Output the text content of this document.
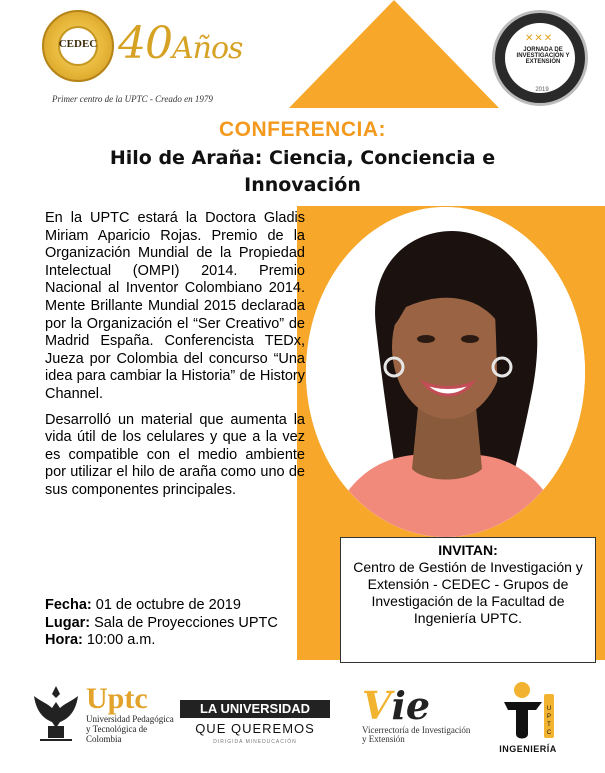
CEDEC 40Años
Primer centro de la UPTC - Creado en 1979
✕✕✕
JORNADA DE INVESTIGACIÓN Y EXTENSIÓN
2019
CONFERENCIA:
Hilo de Araña: Ciencia, Conciencia e Innovación
INVITAN:
Centro de Gestión de Investigación y Extensión - CEDEC - Grupos de Investigación de la Facultad de Ingeniería UPTC.

En la UPTC estará la Doctora Gladis Miriam Aparicio Rojas. Premio de la Organización Mundial de la Propiedad Intelectual (OMPI) 2014. Premio Nacional al Inventor Colombiano 2014. Mente Brillante Mundial 2015 declarada por la Organización el “Ser Creativo” de Madrid España. Conferencista TEDx, Jueza por Colombia del concurso “Una idea para cambiar la Historia” de History Channel.

Desarrolló un material que aumenta la vida útil de los celulares y que a la vez es compatible con el medio ambiente por utilizar el hilo de araña como uno de sus componentes principales.

Fecha: 01 de octubre de 2019
Lugar: Sala de Proyecciones UPTC
Hora: 10:00 a.m.
Uptc
Universidad Pedagógica y Tecnológica de Colombia
LA UNIVERSIDAD
QUE QUEREMOS
DIRIGIDA MINEDUCACIÓN
Vie
Vicerrectoría de Investigación y Extensión
U
P
T
C
INGENIERÍA
